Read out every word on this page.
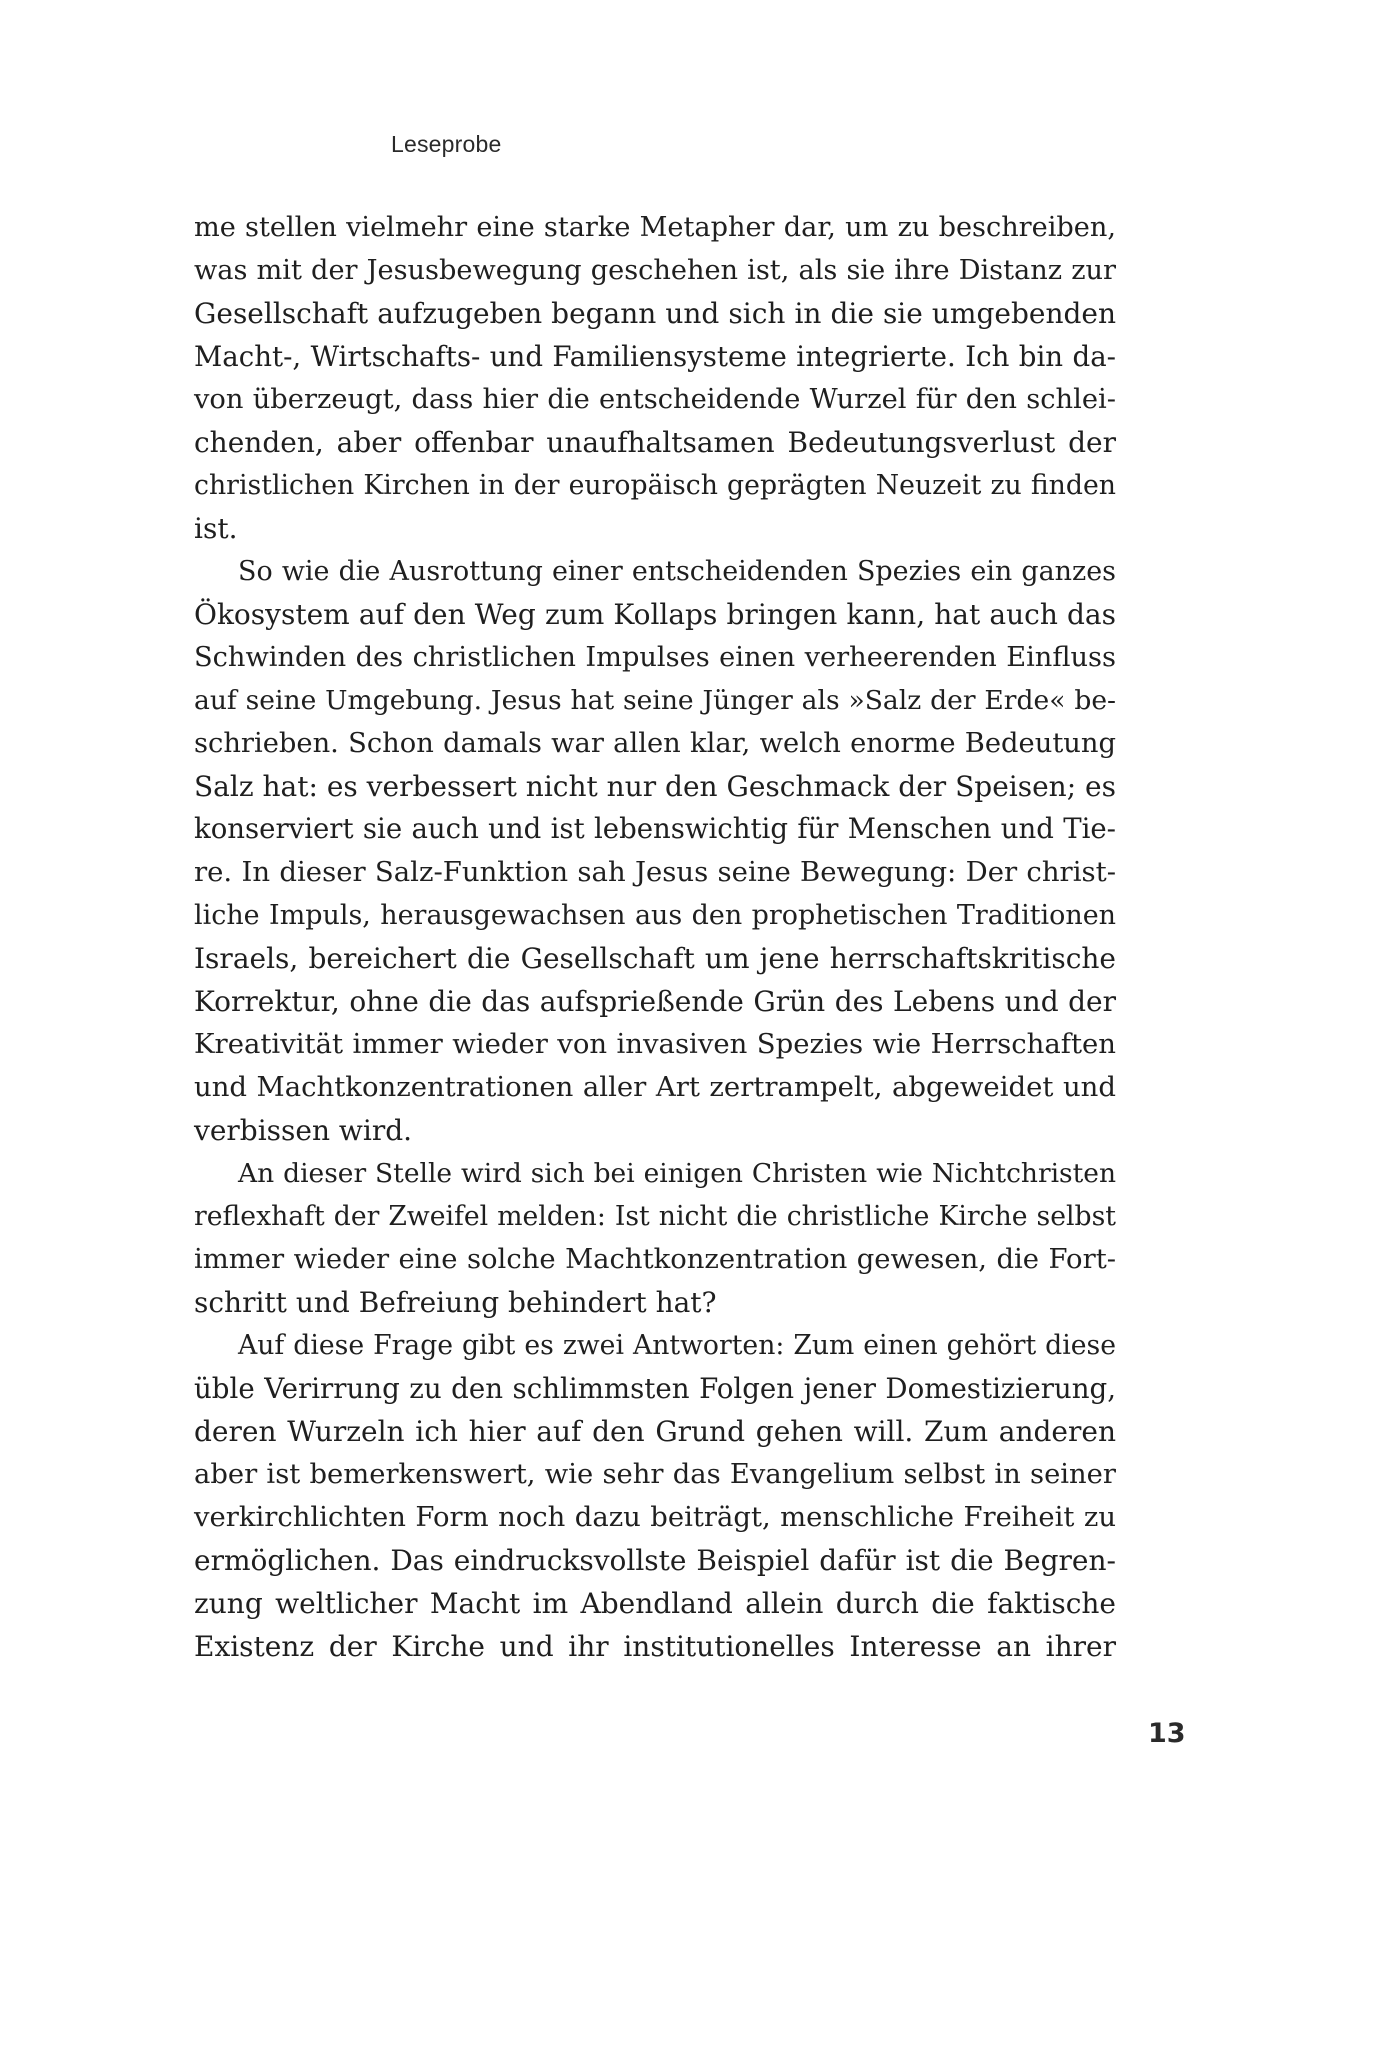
Leseprobe
me stellen vielmehr eine starke Metapher dar, um zu beschreiben,
was mit der Jesusbewegung geschehen ist, als sie ihre Distanz zur
Gesellschaft aufzugeben begann und sich in die sie umgebenden
Macht-, Wirtschafts- und Familiensysteme integrierte. Ich bin da-
von überzeugt, dass hier die entscheidende Wurzel für den schlei-
chenden, aber offenbar unaufhaltsamen Bedeutungsverlust der
christlichen Kirchen in der europäisch geprägten Neuzeit zu finden
ist.
So wie die Ausrottung einer entscheidenden Spezies ein ganzes
Ökosystem auf den Weg zum Kollaps bringen kann, hat auch das
Schwinden des christlichen Impulses einen verheerenden Einfluss
auf seine Umgebung. Jesus hat seine Jünger als »Salz der Erde« be-
schrieben. Schon damals war allen klar, welch enorme Bedeutung
Salz hat: es verbessert nicht nur den Geschmack der Speisen; es
konserviert sie auch und ist lebenswichtig für Menschen und Tie-
re. In dieser Salz-Funktion sah Jesus seine Bewegung: Der christ-
liche Impuls, herausgewachsen aus den prophetischen Traditionen
Israels, bereichert die Gesellschaft um jene herrschaftskritische
Korrektur, ohne die das aufsprießende Grün des Lebens und der
Kreativität immer wieder von invasiven Spezies wie Herrschaften
und Machtkonzentrationen aller Art zertrampelt, abgeweidet und
verbissen wird.
An dieser Stelle wird sich bei einigen Christen wie Nichtchristen
reflexhaft der Zweifel melden: Ist nicht die christliche Kirche selbst
immer wieder eine solche Machtkonzentration gewesen, die Fort-
schritt und Befreiung behindert hat?
Auf diese Frage gibt es zwei Antworten: Zum einen gehört diese
üble Verirrung zu den schlimmsten Folgen jener Domestizierung,
deren Wurzeln ich hier auf den Grund gehen will. Zum anderen
aber ist bemerkenswert, wie sehr das Evangelium selbst in seiner
verkirchlichten Form noch dazu beiträgt, menschliche Freiheit zu
ermöglichen. Das eindrucksvollste Beispiel dafür ist die Begren-
zung weltlicher Macht im Abendland allein durch die faktische
Existenz der Kirche und ihr institutionelles Interesse an ihrer
13
